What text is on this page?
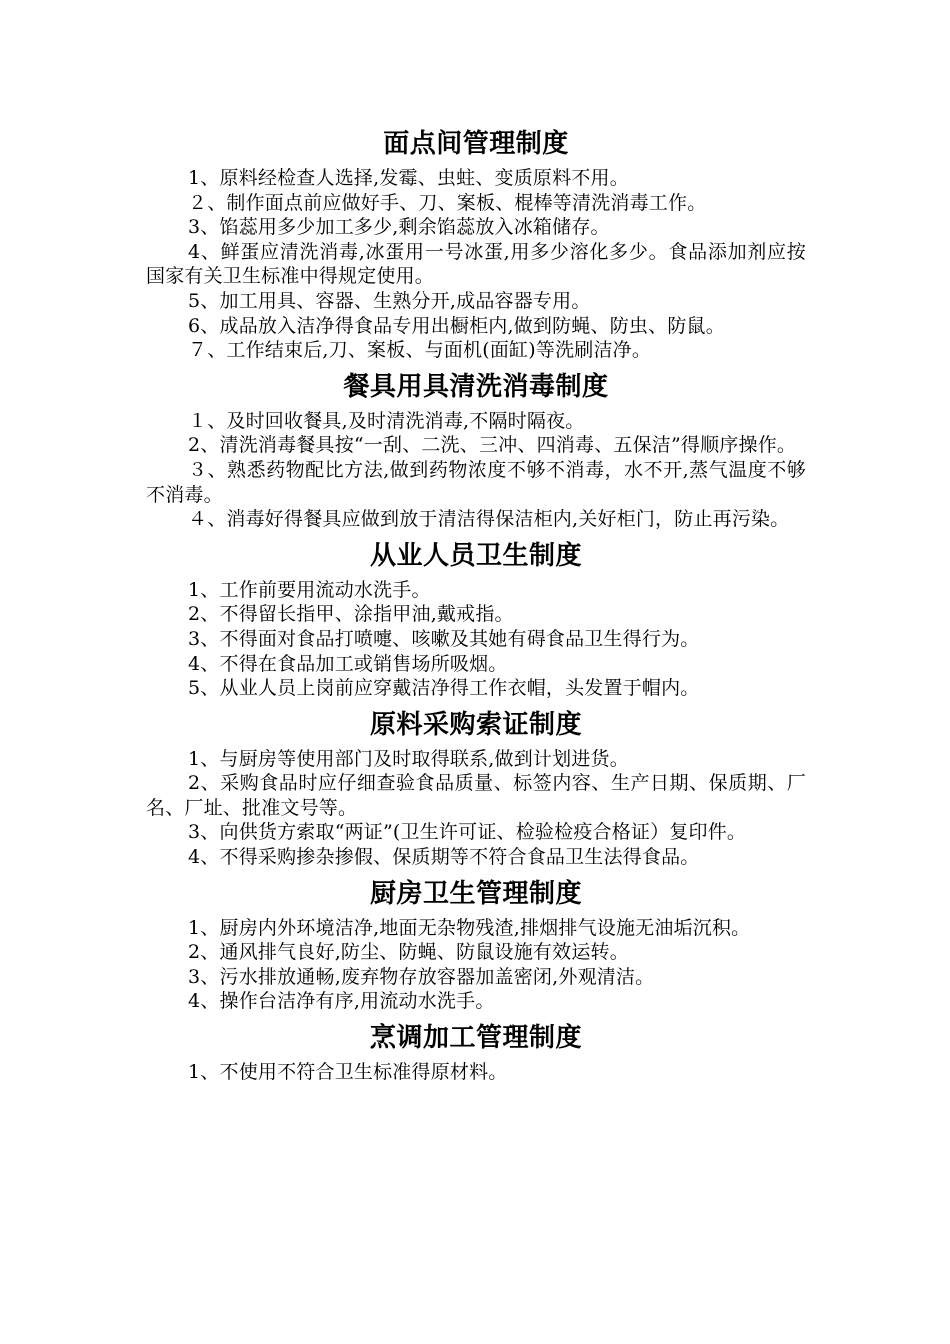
面点间管理制度

1、原料经检查人选择,发霉、虫蛀、变质原料不用。

２、制作面点前应做好手、刀、案板、棍棒等清洗消毒工作。

3、馅蕊用多少加工多少,剩余馅蕊放入冰箱储存。

4、鲜蛋应清洗消毒,冰蛋用一号冰蛋,用多少溶化多少。食品添加剂应按国家有关卫生标准中得规定使用。

5、加工用具、容器、生熟分开,成品容器专用。

6、成品放入洁净得食品专用出橱柜内,做到防蝇、防虫、防鼠。

７、工作结束后,刀、案板、与面机(面缸)等洗刷洁净。

餐具用具清洗消毒制度

１、及时回收餐具,及时清洗消毒,不隔时隔夜。

2、清洗消毒餐具按“一刮、二洗、三冲、四消毒、五保洁”得顺序操作。

３、熟悉药物配比方法,做到药物浓度不够不消毒，水不开,蒸气温度不够不消毒。

４、消毒好得餐具应做到放于清洁得保洁柜内,关好柜门，防止再污染。

从业人员卫生制度

1、工作前要用流动水洗手。

2、不得留长指甲、涂指甲油,戴戒指。

3、不得面对食品打喷嚏、咳嗽及其她有碍食品卫生得行为。

4、不得在食品加工或销售场所吸烟。

5、从业人员上岗前应穿戴洁净得工作衣帽，头发置于帽内。

原料采购索证制度

1、与厨房等使用部门及时取得联系,做到计划进货。

2、采购食品时应仔细查验食品质量、标签内容、生产日期、保质期、厂名、厂址、批准文号等。

3、向供货方索取“两证”(卫生许可证、检验检疫合格证）复印件。

4、不得采购掺杂掺假、保质期等不符合食品卫生法得食品。

厨房卫生管理制度

1、厨房内外环境洁净,地面无杂物残渣,排烟排气设施无油垢沉积。

2、通风排气良好,防尘、防蝇、防鼠设施有效运转。

3、污水排放通畅,废弃物存放容器加盖密闭,外观清洁。

4、操作台洁净有序,用流动水洗手。

烹调加工管理制度

1、不使用不符合卫生标准得原材料。
